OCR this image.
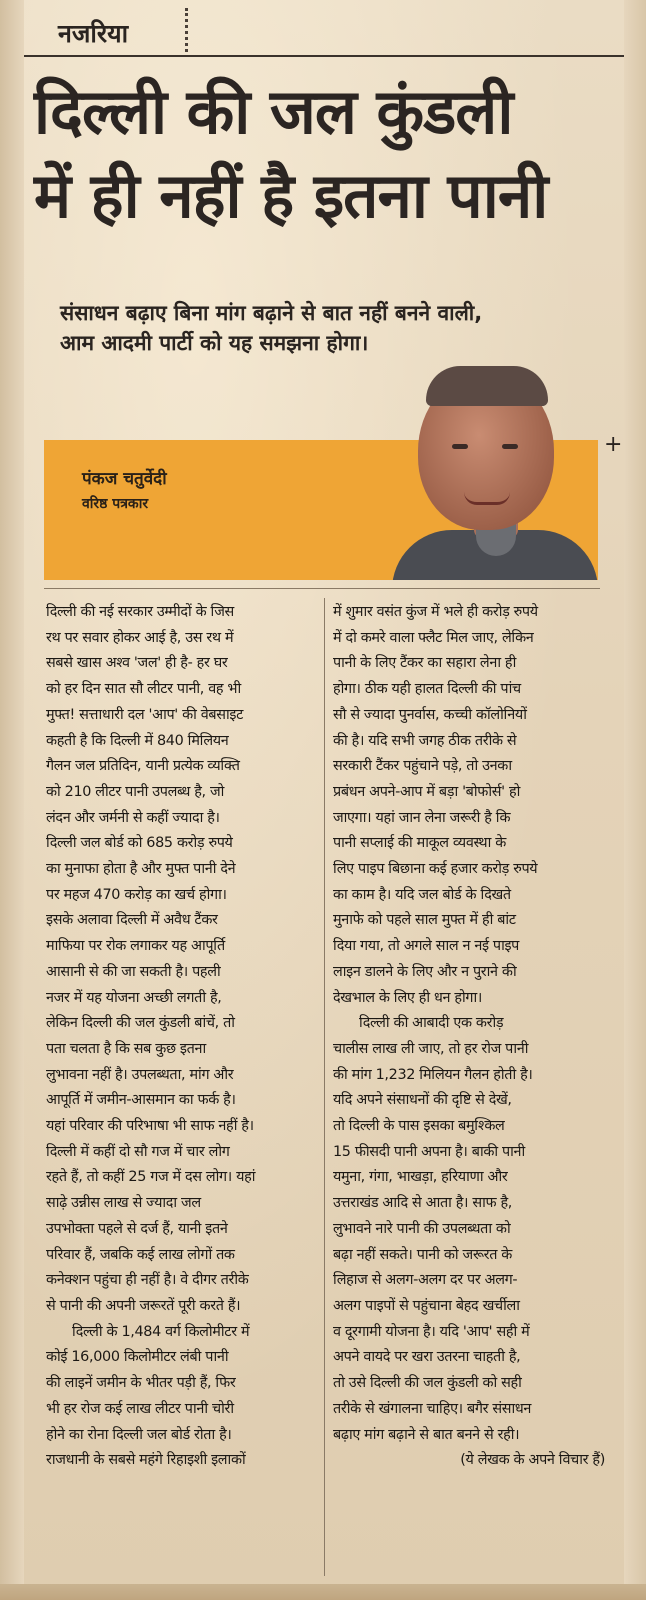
नजरिया
दिल्ली की जल कुंडली
में ही नहीं है इतना पानी
संसाधन बढ़ाए बिना मांग बढ़ाने से बात नहीं बनने वाली,
आम आदमी पार्टी को यह समझना होगा।
पंकज चतुर्वेदी
वरिष्ठ पत्रकार
+
दिल्ली की नई सरकार उम्मीदों के जिस
रथ पर सवार होकर आई है, उस रथ में
सबसे खास अश्व 'जल' ही है- हर घर
को हर दिन सात सौ लीटर पानी, वह भी
मुफ्त! सत्ताधारी दल 'आप' की वेबसाइट
कहती है कि दिल्ली में 840 मिलियन
गैलन जल प्रतिदिन, यानी प्रत्येक व्यक्ति
को 210 लीटर पानी उपलब्ध है, जो
लंदन और जर्मनी से कहीं ज्यादा है।
दिल्ली जल बोर्ड को 685 करोड़ रुपये
का मुनाफा होता है और मुफ्त पानी देने
पर महज 470 करोड़ का खर्च होगा।
इसके अलावा दिल्ली में अवैध टैंकर
माफिया पर रोक लगाकर यह आपूर्ति
आसानी से की जा सकती है। पहली
नजर में यह योजना अच्छी लगती है,
लेकिन दिल्ली की जल कुंडली बांचें, तो
पता चलता है कि सब कुछ इतना
लुभावना नहीं है। उपलब्धता, मांग और
आपूर्ति में जमीन-आसमान का फर्क है।
यहां परिवार की परिभाषा भी साफ नहीं है।
दिल्ली में कहीं दो सौ गज में चार लोग
रहते हैं, तो कहीं 25 गज में दस लोग। यहां
साढ़े उन्नीस लाख से ज्यादा जल
उपभोक्ता पहले से दर्ज हैं, यानी इतने
परिवार हैं, जबकि कई लाख लोगों तक
कनेक्शन पहुंचा ही नहीं है। वे दीगर तरीके
से पानी की अपनी जरूरतें पूरी करते हैं।
दिल्ली के 1,484 वर्ग किलोमीटर में
कोई 16,000 किलोमीटर लंबी पानी
की लाइनें जमीन के भीतर पड़ी हैं, फिर
भी हर रोज कई लाख लीटर पानी चोरी
होने का रोना दिल्ली जल बोर्ड रोता है।
राजधानी के सबसे महंगे रिहाइशी इलाकों
में शुमार वसंत कुंज में भले ही करोड़ रुपये
में दो कमरे वाला फ्लैट मिल जाए, लेकिन
पानी के लिए टैंकर का सहारा लेना ही
होगा। ठीक यही हालत दिल्ली की पांच
सौ से ज्यादा पुनर्वास, कच्ची कॉलोनियों
की है। यदि सभी जगह ठीक तरीके से
सरकारी टैंकर पहुंचाने पड़े, तो उनका
प्रबंधन अपने-आप में बड़ा 'बोफोर्स' हो
जाएगा। यहां जान लेना जरूरी है कि
पानी सप्लाई की माकूल व्यवस्था के
लिए पाइप बिछाना कई हजार करोड़ रुपये
का काम है। यदि जल बोर्ड के दिखते
मुनाफे को पहले साल मुफ्त में ही बांट
दिया गया, तो अगले साल न नई पाइप
लाइन डालने के लिए और न पुराने की
देखभाल के लिए ही धन होगा।
दिल्ली की आबादी एक करोड़
चालीस लाख ली जाए, तो हर रोज पानी
की मांग 1,232 मिलियन गैलन होती है।
यदि अपने संसाधनों की दृष्टि से देखें,
तो दिल्ली के पास इसका बमुश्किल
15 फीसदी पानी अपना है। बाकी पानी
यमुना, गंगा, भाखड़ा, हरियाणा और
उत्तराखंड आदि से आता है। साफ है,
लुभावने नारे पानी की उपलब्धता को
बढ़ा नहीं सकते। पानी को जरूरत के
लिहाज से अलग-अलग दर पर अलग-
अलग पाइपों से पहुंचाना बेहद खर्चीला
व दूरगामी योजना है। यदि 'आप' सही में
अपने वायदे पर खरा उतरना चाहती है,
तो उसे दिल्ली की जल कुंडली को सही
तरीके से खंगालना चाहिए। बगैर संसाधन
बढ़ाए मांग बढ़ाने से बात बनने से रही।
(ये लेखक के अपने विचार हैं)
